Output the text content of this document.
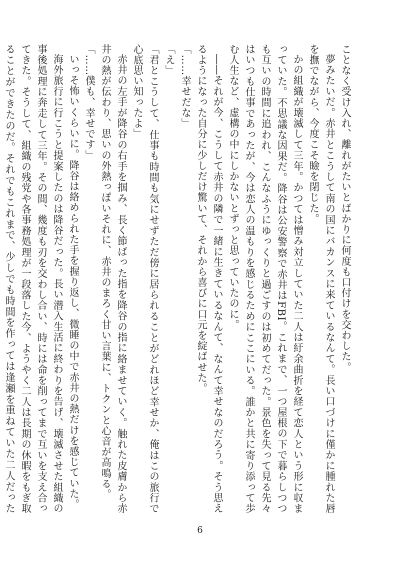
ことなく受け入れ、離れがたいとばかりに何度も口付けを交わした。

夢みたいだ。赤井とこうして南の国にバカンスに来ているなんて。長い口づけに僅かに腫れた唇を撫でながら、今度こそ瞼を閉じた。

かの組織が壊滅して三年。かつては憎み対立していた二人は紆余曲折を経て恋人という形に収まっていた。不思議な因果だ。降谷は公安警察で赤井はFBI。これまで、一つ屋根の下で暮らしつつも互いの時間に追われ、こんなふうにゆっくりと過ごすのは初めてだった。景色を失って見る先々はいつも仕事であったが、今は恋人の温もりを感じるためにここにいる。誰かと共に寄り添って歩む人生など、虚構の中にしかないとずっと思っていたのに。

――それが今、こうして赤井の隣で一緒に生きているなんて、なんて幸せなのだろう。そう思えるようになった自分に少しだけ驚いて、それから喜びに口元を綻ばせた。

「……幸せだな」

「え」

「君とこうして、仕事も時間も気にせずただ傍に居られることがどれほど幸せか、俺はこの旅行で心底思い知ったよ」

赤井の左手が降谷の右手を掴み、長く節ばった指を降谷の指に絡ませていく。触れた皮膚から赤井の熱が伝わり、思いの外熱っぽいそれに、赤井のまろく甘い言葉に、トクンと心音が高鳴る。

「……僕も、幸せです」

いっそ怖いくらいに。降谷は絡められた手を握り返し、微睡の中で赤井の熱だけを感じていた。

海外旅行に行こうと提案したのは降谷だった。長い潜入生活に終わりを告げ、壊滅させた組織の事後処理に奔走して三年。その間、幾度も刃を交わし合い、時には命を削ってまで互いを支え合ってきた。そうして、組織の残党や各事務処理が一段落した今、ようやく二人は長期の休暇をもぎ取ることができたのだ。それでもこれまで、少しでも時間を作っては逢瀬を重ねていた二人だった

6
